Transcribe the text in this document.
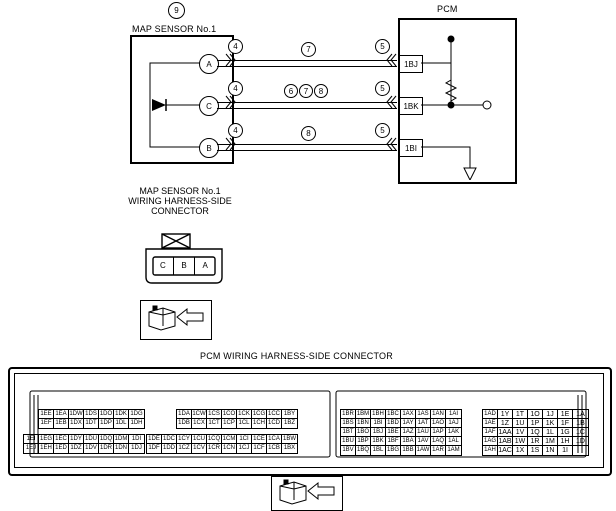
9	PCM
MAP SENSOR No.1
A
C
B
4
4
4
7
6 7 8
8
5
5
5
1BJ
1BK
1BI
MAP SENSOR No.1
WIRING HARNESS-SIDE
CONNECTOR
C	B	A
PCM WIRING HARNESS-SIDE CONNECTOR
1EE 1EA 1DW 1DS 1DO 1DK 1DG
1EF 1EB 1DX 1DT 1DP 1DL 1DH
1EI 1EG 1EC 1DY 1DU 1DQ 1DM 1DI
1EJ 1EH 1ED 1DZ 1DV 1DR 1DN 1DJ
1DA 1CW 1CS 1CO 1CK 1CG 1CC 1BY
1DB 1CX 1CT 1CP 1CL 1CH 1CD 1BZ
1DE 1DC 1CY 1CU 1CQ 1CM 1CI 1CE 1CA 1BW
1DF 1DD 1CZ 1CV 1CR 1CN 1CJ 1CF 1CB 1BX
1BR 1BM 1BH 1BC 1AX 1AS 1AN 1AI
1BS 1BN 1BI 1BD 1AY 1AT 1AO 1AJ
1BT 1BO 1BJ 1BE 1AZ 1AU 1AP 1AK
1BU 1BP 1BK 1BF 1BA 1AV 1AQ 1AL
1BV 1BQ 1BL 1BG 1BB 1AW 1AR 1AM
1AD 1Y 1T 1O 1J	1E 1A
1AE 1Z 1U 1P 1K 1F	1B
1AF 1AA 1V 1Q 1L 1G 1C
1AG 1AB 1W 1R 1M 1H 1D
1AH 1AC 1X 1S 1N	1I
